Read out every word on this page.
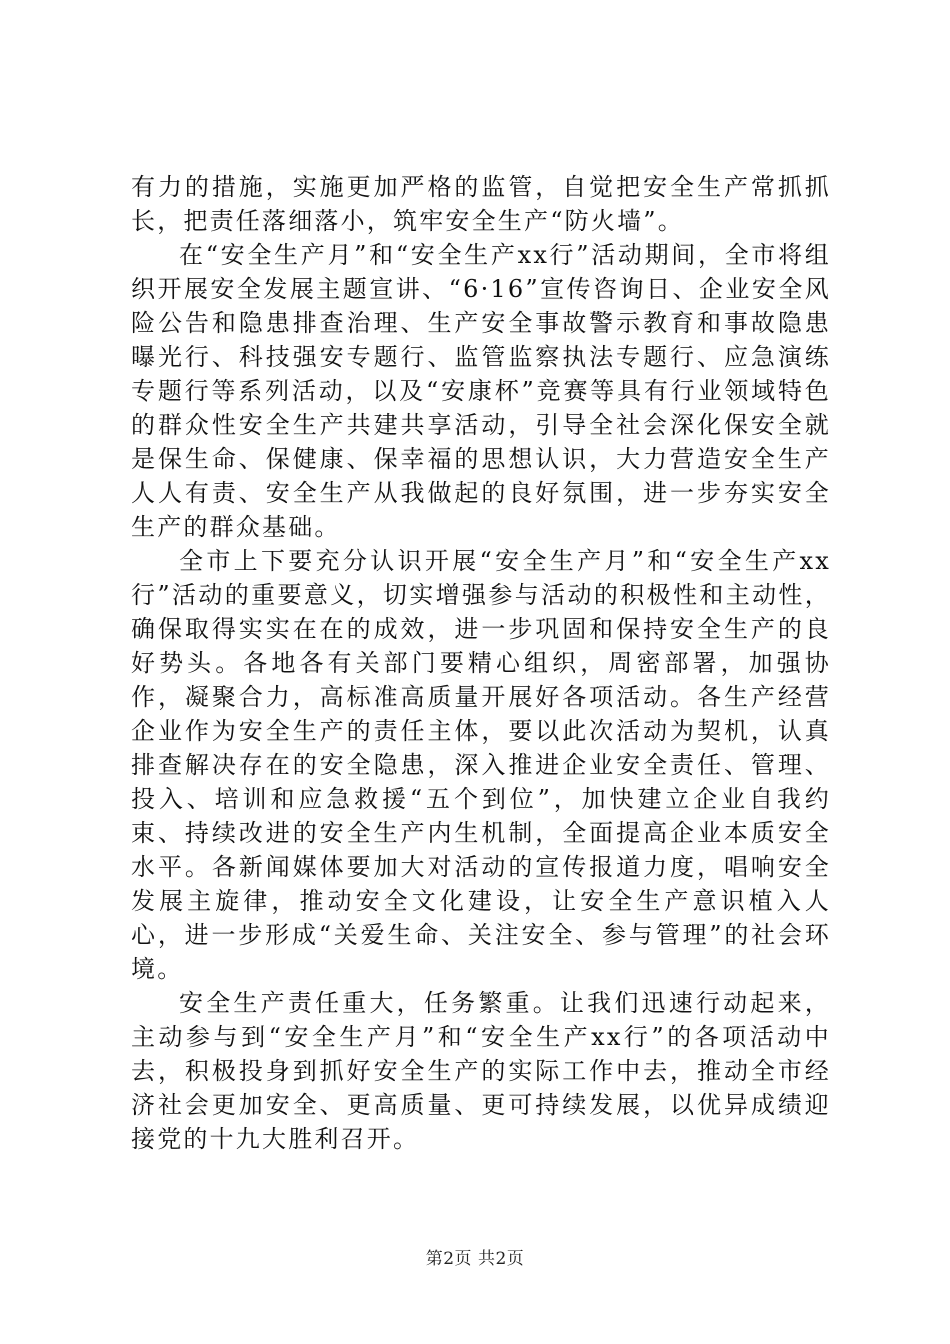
有力的措施，实施更加严格的监管，自觉把安全生产常抓抓长，把责任落细落小，筑牢安全生产“防火墙”。

在“安全生产月”和“安全生产xx行”活动期间，全市将组织开展安全发展主题宣讲、“6·16”宣传咨询日、企业安全风险公告和隐患排查治理、生产安全事故警示教育和事故隐患曝光行、科技强安专题行、监管监察执法专题行、应急演练专题行等系列活动，以及“安康杯”竞赛等具有行业领域特色的群众性安全生产共建共享活动，引导全社会深化保安全就是保生命、保健康、保幸福的思想认识，大力营造安全生产人人有责、安全生产从我做起的良好氛围，进一步夯实安全生产的群众基础。

全市上下要充分认识开展“安全生产月”和“安全生产xx行”活动的重要意义，切实增强参与活动的积极性和主动性，确保取得实实在在的成效，进一步巩固和保持安全生产的良好势头。各地各有关部门要精心组织，周密部署，加强协作，凝聚合力，高标准高质量开展好各项活动。各生产经营企业作为安全生产的责任主体，要以此次活动为契机，认真排查解决存在的安全隐患，深入推进企业安全责任、管理、投入、培训和应急救援“五个到位”，加快建立企业自我约束、持续改进的安全生产内生机制，全面提高企业本质安全水平。各新闻媒体要加大对活动的宣传报道力度，唱响安全发展主旋律，推动安全文化建设，让安全生产意识植入人心，进一步形成“关爱生命、关注安全、参与管理”的社会环境。

安全生产责任重大，任务繁重。让我们迅速行动起来，主动参与到“安全生产月”和“安全生产xx行”的各项活动中去，积极投身到抓好安全生产的实际工作中去，推动全市经济社会更加安全、更高质量、更可持续发展，以优异成绩迎接党的十九大胜利召开。

第2页 共2页
